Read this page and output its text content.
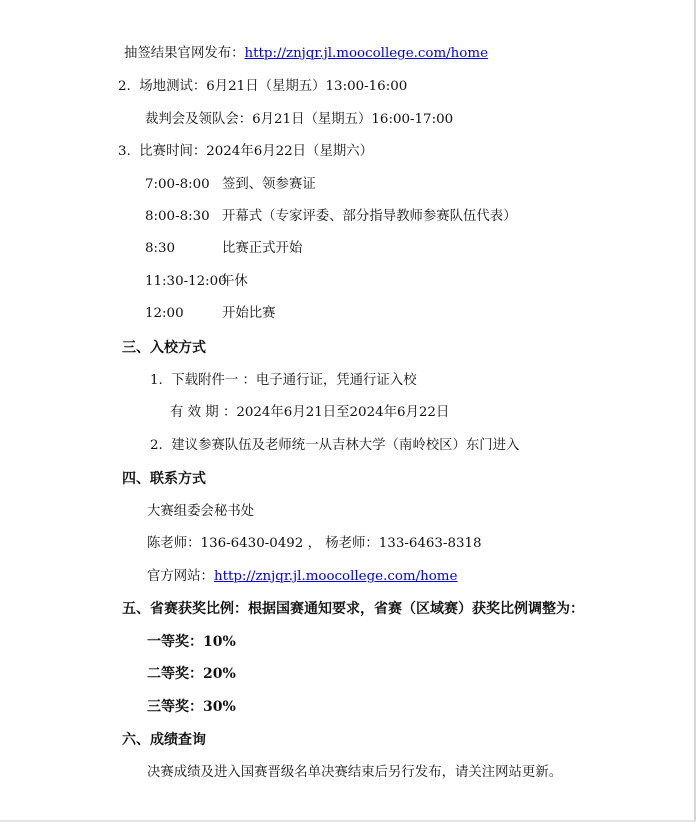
抽签结果官网发布：http://znjqr.jl.moocollege.com/home
2. 场地测试：6月21日（星期五）13:00-16:00
裁判会及领队会：6月21日（星期五）16:00-17:00
3. 比赛时间：2024年6月22日（星期六）
7:00-8:00 签到、领参赛证
8:00-8:30 开幕式（专家评委、部分指导教师参赛队伍代表）
8:30	比赛正式开始
11:30-12:00午休
12:00	开始比赛
三、入校方式
1. 下载附件一 ：电子通行证，凭通行证入校
有 效 期 ：2024年6月21日至2024年6月22日
2. 建议参赛队伍及老师统一从吉林大学（南岭校区）东门进入
四、联系方式
大赛组委会秘书处
陈老师：136-6430-0492 ， 杨老师：133-6463-8318
官方网站：http://znjqr.jl.moocollege.com/home
五、省赛获奖比例：根据国赛通知要求，省赛（区域赛）获奖比例调整为：
一等奖：10%
二等奖：20%
三等奖：30%
六、成绩查询
决赛成绩及进入国赛晋级名单决赛结束后另行发布，请关注网站更新。
